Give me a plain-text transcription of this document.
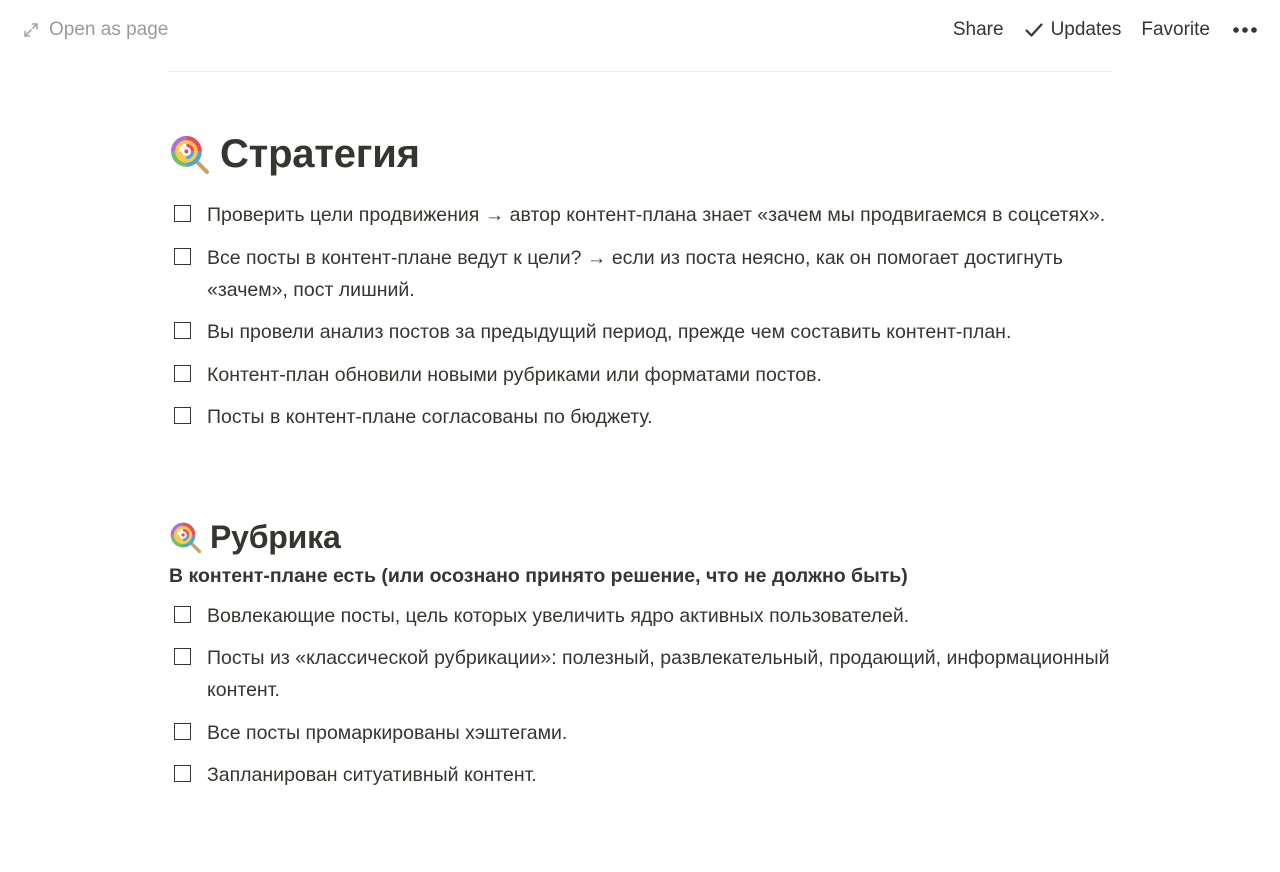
Open as page	Share Updates Favorite
Стратегия
Проверить цели продвижения → автор контент-плана знает «зачем мы продвигаемся в соцсетях».
Все посты в контент-плане ведут к цели? → если из поста неясно, как он помогает достигнуть «зачем», пост лишний.
Вы провели анализ постов за предыдущий период, прежде чем составить контент-план.
Контент-план обновили новыми рубриками или форматами постов.
Посты в контент-плане согласованы по бюджету.
Рубрика
В контент-плане есть (или осознано принято решение, что не должно быть)
Вовлекающие посты, цель которых увеличить ядро активных пользователей.
Посты из «классической рубрикации»: полезный, развлекательный, продающий, информационный контент.
Все посты промаркированы хэштегами.
Запланирован ситуативный контент.
